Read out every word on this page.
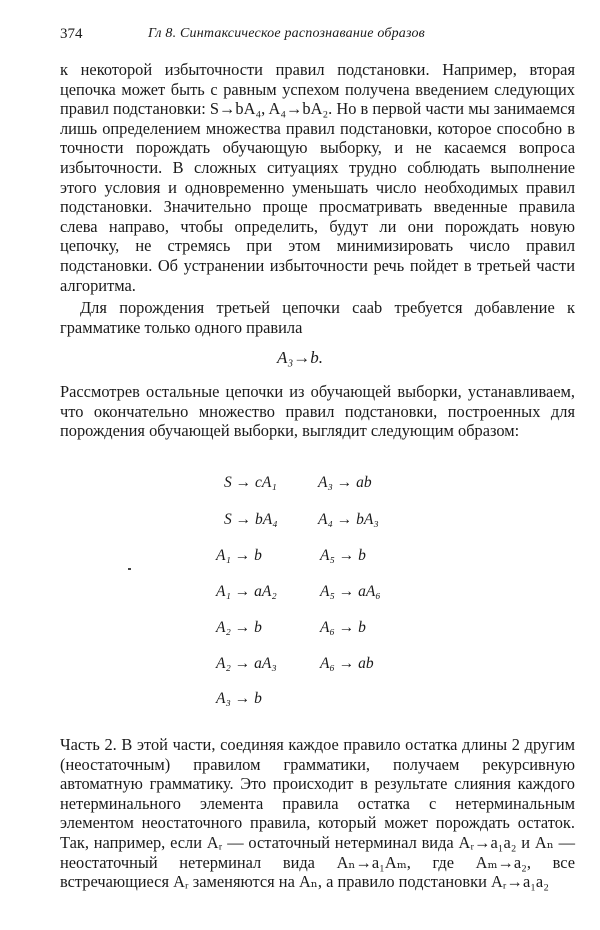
374	Гл 8. Синтаксическое распознавание образов

к некоторой избыточности правил подстановки. Например, вторая цепочка может быть с равным успехом получена введением следующих правил подстановки: S→bA₄, A₄→bA₂. Но в первой части мы занимаемся лишь определением множества правил подстановки, которое способно в точности порождать обучающую выборку, и не касаемся вопроса избыточности. В сложных ситуациях трудно соблюдать выполнение этого условия и одновременно уменьшать число необходимых правил подстановки. Значительно проще просматривать введенные правила слева направо, чтобы определить, будут ли они порождать новую цепочку, не стремясь при этом минимизировать число правил подстановки. Об устранении избыточности речь пойдет в третьей части алгоритма.

Для порождения третьей цепочки caab требуется добавление к грамматике только одного правила

A₃→b.

Рассмотрев остальные цепочки из обучающей выборки, устанавливаем, что окончательно множество правил подстановки, построенных для порождения обучающей выборки, выглядит следующим образом:

S → cA₁
S → bA₄
A₁ → b
A₁ → aA₂
A₂ → b
A₂ → aA₃
A₃ → b
A₃ → ab
A₄ → bA₃
A₅ → b
A₅ → aA₆
A₆ → b
A₆ → ab

Часть 2. В этой части, соединяя каждое правило остатка длины 2 другим (неостаточным) правилом грамматики, получаем рекурсивную автоматную грамматику. Это происходит в результате слияния каждого нетерминального элемента правила остатка с нетерминальным элементом неостаточного правила, который может порождать остаток. Так, например, если Aᵣ — остаточный нетерминал вида Aᵣ→a₁a₂ и Aₙ — неостаточный нетерминал вида Aₙ→a₁Aₘ, где Aₘ→a₂, все встречающиеся Aᵣ заменяются на Aₙ, а правило подстановки Aᵣ→a₁a₂
